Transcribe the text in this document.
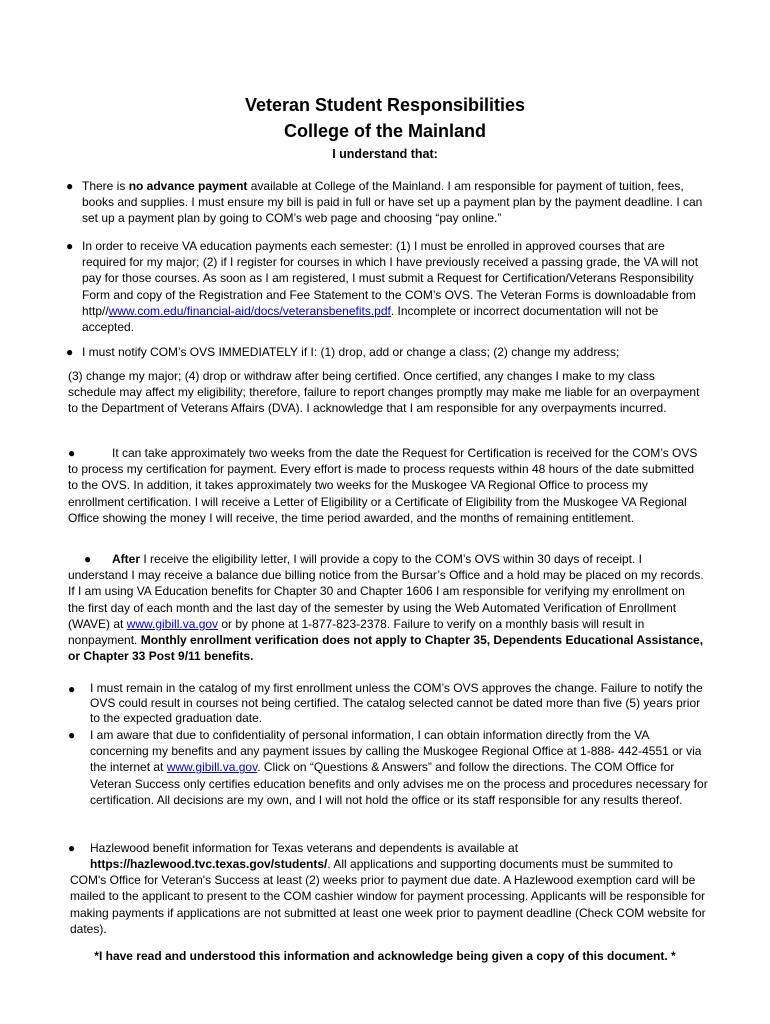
Veteran Student Responsibilities
College of the Mainland
I understand that:
● There is no advance payment available at College of the Mainland. I am responsible for payment of tuition, fees, books and supplies. I must ensure my bill is paid in full or have set up a payment plan by the payment deadline. I can set up a payment plan by going to COM’s web page and choosing “pay online.”

● In order to receive VA education payments each semester: (1) I must be enrolled in approved courses that are required for my major; (2) if I register for courses in which I have previously received a passing grade, the VA will not pay for those courses. As soon as I am registered, I must submit a Request for Certification/Veterans Responsibility Form and copy of the Registration and Fee Statement to the COM’s OVS. The Veteran Forms is downloadable from http//www.com.edu/financial-aid/docs/veteransbenefits.pdf. Incomplete or incorrect documentation will not be accepted.

● I must notify COM’s OVS IMMEDIATELY if I: (1) drop, add or change a class; (2) change my address;

(3) change my major; (4) drop or withdraw after being certified. Once certified, any changes I make to my class schedule may affect my eligibility; therefore, failure to report changes promptly may make me liable for an overpayment to the Department of Veterans Affairs (DVA). I acknowledge that I am responsible for any overpayments incurred.

●	It can take approximately two weeks from the date the Request for Certification is received for the COM’s OVS to process my certification for payment. Every effort is made to process requests within 48 hours of the date submitted to the OVS. In addition, it takes approximately two weeks for the Muskogee VA Regional Office to process my enrollment certification. I will receive a Letter of Eligibility or a Certificate of Eligibility from the Muskogee VA Regional Office showing the money I will receive, the time period awarded, and the months of remaining entitlement.

●	After I receive the eligibility letter, I will provide a copy to the COM’s OVS within 30 days of receipt. I understand I may receive a balance due billing notice from the Bursar’s Office and a hold may be placed on my records. If I am using VA Education benefits for Chapter 30 and Chapter 1606 I am responsible for verifying my enrollment on the first day of each month and the last day of the semester by using the Web Automated Verification of Enrollment (WAVE) at www.gibill.va.gov or by phone at 1-877-823-2378. Failure to verify on a monthly basis will result in nonpayment. Monthly enrollment verification does not apply to Chapter 35, Dependents Educational Assistance, or Chapter 33 Post 9/11 benefits.

● I must remain in the catalog of my first enrollment unless the COM’s OVS approves the change. Failure to notify the OVS could result in courses not being certified. The catalog selected cannot be dated more than five (5) years prior to the expected graduation date.

● I am aware that due to confidentiality of personal information, I can obtain information directly from the VA concerning my benefits and any payment issues by calling the Muskogee Regional Office at 1-888- 442-4551 or via the internet at www.gibill.va.gov. Click on “Questions & Answers” and follow the directions. The COM Office for Veteran Success only certifies education benefits and only advises me on the process and procedures necessary for certification. All decisions are my own, and I will not hold the office or its staff responsible for any results thereof.

● Hazlewood benefit information for Texas veterans and dependents is available at

https://hazlewood.tvc.texas.gov/students/. All applications and supporting documents must be summited to COM's Office for Veteran's Success at least (2) weeks prior to payment due date. A Hazlewood exemption card will be mailed to the applicant to present to the COM cashier window for payment processing. Applicants will be responsible for making payments if applications are not submitted at least one week prior to payment deadline (Check COM website for dates).

*I have read and understood this information and acknowledge being given a copy of this document. *
